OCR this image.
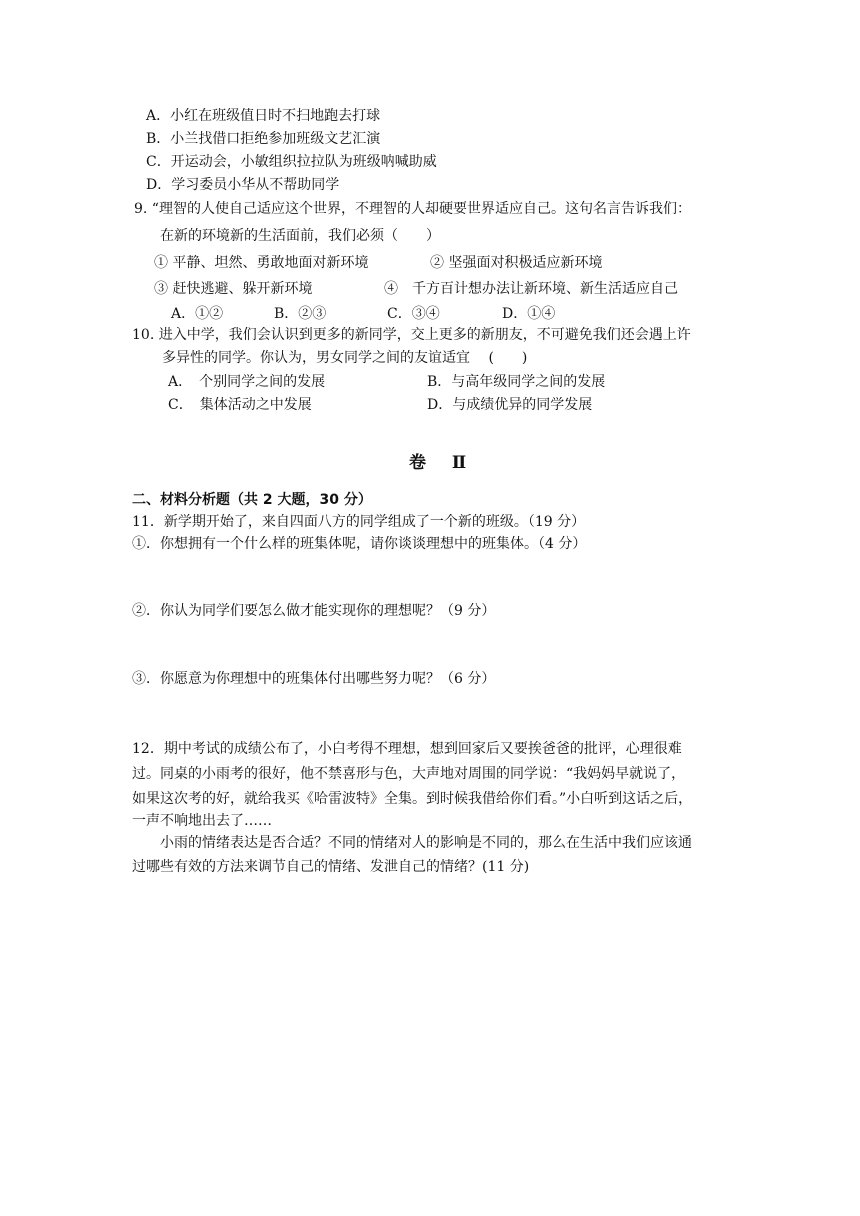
A．小红在班级值日时不扫地跑去打球
B．小兰找借口拒绝参加班级文艺汇演
C．开运动会，小敏组织拉拉队为班级呐喊助威
D．学习委员小华从不帮助同学
9. “理智的人使自己适应这个世界，不理智的人却硬要世界适应自己。这句名言告诉我们：
在新的环境新的生活面前，我们必须（　　）
① 平静、坦然、勇敢地面对新环境	② 坚强面对积极适应新环境
③ 赶快逃避、躲开新环境	④　千方百计想办法让新环境、新生活适应自己
A．①②	B．②③	C．③④	D．①④
10. 进入中学，我们会认识到更多的新同学，交上更多的新朋友，不可避免我们还会遇上许
多异性的同学。你认为，男女同学之间的友谊适宜　 (　　)
A．　个别同学之间的发展	B．与高年级同学之间的发展
C．　集体活动之中发展	D．与成绩优异的同学发展
卷 Ⅱ
二、材料分析题（共 2 大题，30 分）
11．新学期开始了，来自四面八方的同学组成了一个新的班级。（19 分）
①．你想拥有一个什么样的班集体呢，请你谈谈理想中的班集体。（4 分）
②．你认为同学们要怎么做才能实现你的理想呢？（9 分）
③．你愿意为你理想中的班集体付出哪些努力呢？（6 分）
12．期中考试的成绩公布了，小白考得不理想，想到回家后又要挨爸爸的批评，心理很难
过。同桌的小雨考的很好，他不禁喜形与色，大声地对周围的同学说：“我妈妈早就说了，
如果这次考的好，就给我买《哈雷波特》全集。到时候我借给你们看。”小白听到这话之后，
一声不响地出去了……
小雨的情绪表达是否合适？不同的情绪对人的影响是不同的，那么在生活中我们应该通
过哪些有效的方法来调节自己的情绪、发泄自己的情绪？(11 分)
